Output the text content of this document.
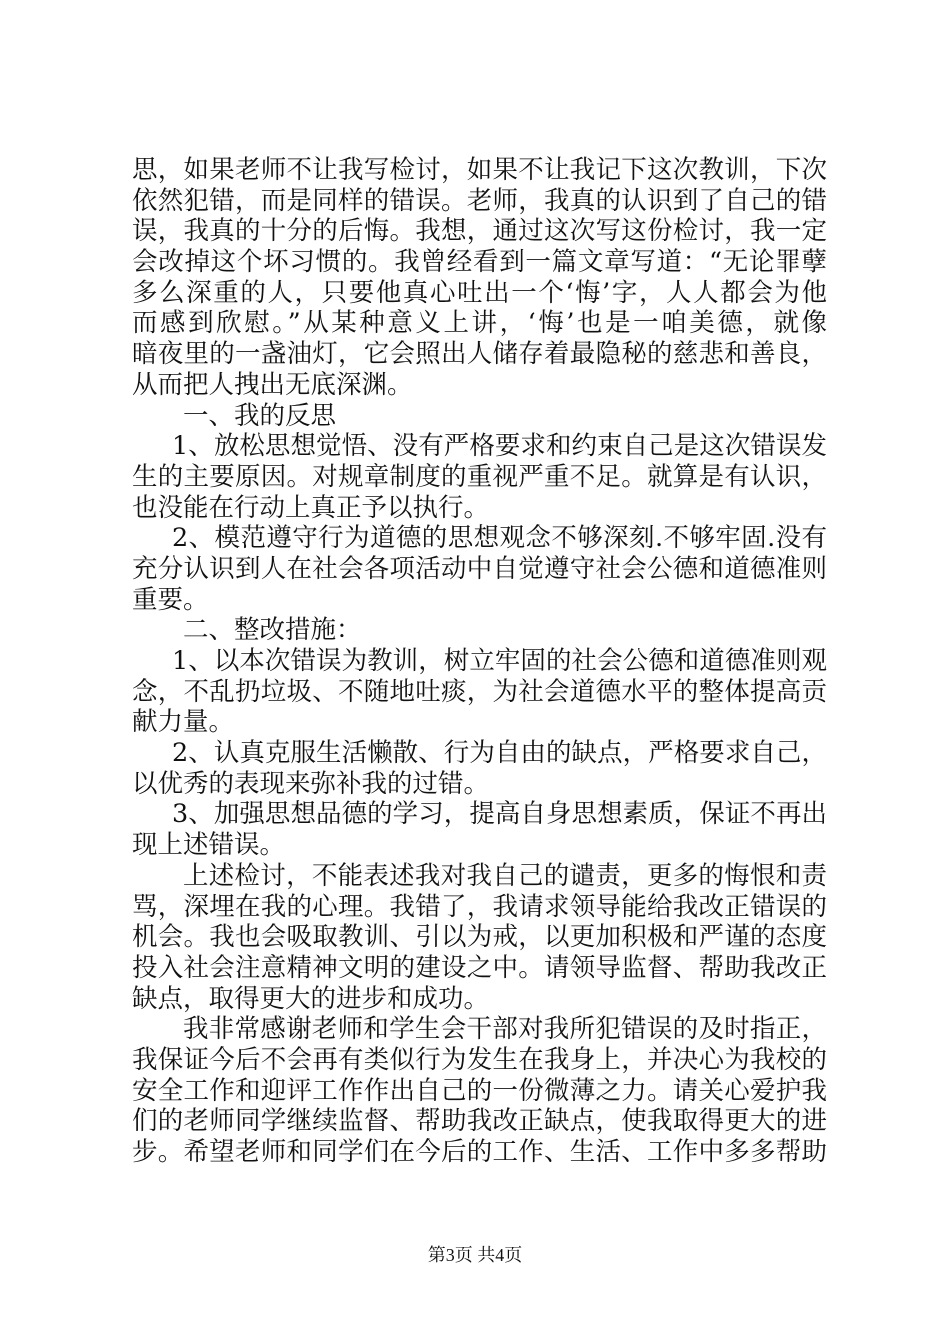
思，如果老师不让我写检讨，如果不让我记下这次教训，下次
依然犯错，而是同样的错误。老师，我真的认识到了自己的错
误，我真的十分的后悔。我想，通过这次写这份检讨，我一定
会改掉这个坏习惯的。我曾经看到一篇文章写道：“无论罪孽
多么深重的人，只要他真心吐出一个‘悔’字，人人都会为他
而感到欣慰。”从某种意义上讲，‘悔’也是一咱美德，就像
暗夜里的一盏油灯，它会照出人储存着最隐秘的慈悲和善良，
从而把人拽出无底深渊。
一、我的反思
1、放松思想觉悟、没有严格要求和约束自己是这次错误发
生的主要原因。对规章制度的重视严重不足。就算是有认识，
也没能在行动上真正予以执行。
2、模范遵守行为道德的思想观念不够深刻.不够牢固.没有
充分认识到人在社会各项活动中自觉遵守社会公德和道德准则
重要。
二、整改措施：
1、以本次错误为教训，树立牢固的社会公德和道德准则观
念，不乱扔垃圾、不随地吐痰，为社会道德水平的整体提高贡
献力量。
2、认真克服生活懒散、行为自由的缺点，严格要求自己，
以优秀的表现来弥补我的过错。
3、加强思想品德的学习，提高自身思想素质，保证不再出
现上述错误。
上述检讨，不能表述我对我自己的谴责，更多的悔恨和责
骂，深埋在我的心理。我错了，我请求领导能给我改正错误的
机会。我也会吸取教训、引以为戒，以更加积极和严谨的态度
投入社会注意精神文明的建设之中。请领导监督、帮助我改正
缺点，取得更大的进步和成功。
我非常感谢老师和学生会干部对我所犯错误的及时指正，
我保证今后不会再有类似行为发生在我身上，并决心为我校的
安全工作和迎评工作作出自己的一份微薄之力。请关心爱护我
们的老师同学继续监督、帮助我改正缺点，使我取得更大的进
步。希望老师和同学们在今后的工作、生活、工作中多多帮助
第3页 共4页
